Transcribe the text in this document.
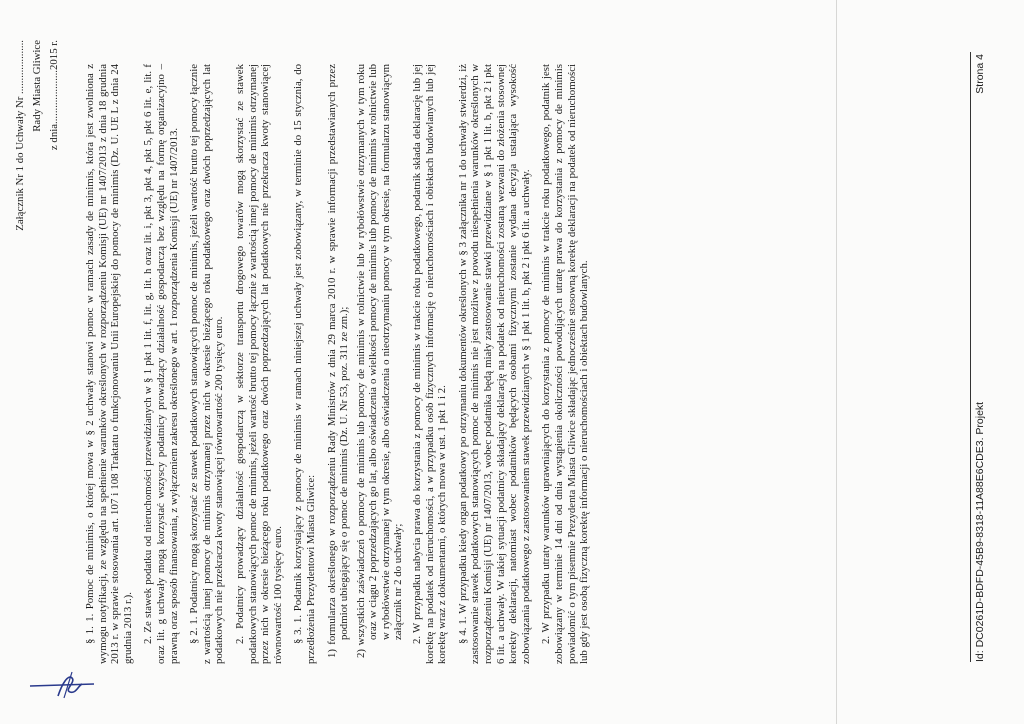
Załącznik Nr 1 do Uchwały Nr .................... Rady Miasta Gliwice z dnia....................2015 r. § 1. 1. Pomoc de minimis, o której mowa w § 2 uchwały stanowi pomoc w ramach zasady de minimis, która jest zwolniona z wymogu notyfikacji, ze względu na spełnienie warunków określonych w rozporządzeniu Komisji (UE) nr 1407/2013 z dnia 18 grudnia 2013 r. w sprawie stosowania art. 107 i 108 Traktatu o funkcjonowaniu Unii Europejskiej do pomocy de minimis (Dz. U. UE L z dnia 24 grudnia 2013 r.). 2. Ze stawek podatku od nieruchomości przewidzianych w § 1 pkt 1 lit. f, lit. g, lit. h oraz lit. i, pkt 3, pkt 4, pkt 5, pkt 6 lit. e, lit. f oraz lit. g uchwały mogą korzystać wszyscy podatnicy prowadzący działalność gospodarczą bez względu na formę organizacyjno – prawną oraz sposób finansowania, z wyłączeniem zakresu określonego w art. 1 rozporządzenia Komisji (UE) nr 1407/2013. § 2. 1. Podatnicy mogą skorzystać ze stawek podatkowych stanowiących pomoc de minimis, jeżeli wartość brutto tej pomocy łącznie z wartością innej pomocy de minimis otrzymanej przez nich w okresie bieżącego roku podatkowego oraz dwóch poprzedzających lat podatkowych nie przekracza kwoty stanowiącej równowartość 200 tysięcy euro. 2. Podatnicy prowadzący działalność gospodarczą w sektorze transportu drogowego towarów mogą skorzystać ze stawek podatkowych stanowiących pomoc de minimis, jeżeli wartość brutto tej pomocy łącznie z wartością innej pomocy de minimis otrzymanej przez nich w okresie bieżącego roku podatkowego oraz dwóch poprzedzających lat podatkowych nie przekracza kwoty stanowiącej równowartość 100 tysięcy euro. § 3. 1. Podatnik korzystający z pomocy de minimis w ramach niniejszej uchwały jest zobowiązany, w terminie do 15 stycznia, do przedłożenia Prezydentowi Miasta Gliwice: 1) formularza określonego w rozporządzeniu Rady Ministrów z dnia 29 marca 2010 r. w sprawie informacji przedstawianych przez podmiot ubiegający się o pomoc de minimis (Dz. U. Nr 53, poz. 311 ze zm.); 2) wszystkich zaświadczeń o pomocy de minimis lub pomocy de minimis w rolnictwie lub w rybołówstwie otrzymanych w tym roku oraz w ciągu 2 poprzedzających go lat, albo oświadczenia o wielkości pomocy de minimis lub pomocy de minimis w rolnictwie lub w rybołówstwie otrzymanej w tym okresie, albo oświadczenia o nieotrzymaniu pomocy w tym okresie, na formularzu stanowiącym załącznik nr 2 do uchwały; 2. W przypadku nabycia prawa do korzystania z pomocy de minimis w trakcie roku podatkowego, podatnik składa deklarację lub jej korektę na podatek od nieruchomości, a w przypadku osób fizycznych informację o nieruchomościach i obiektach budowlanych lub jej korektę wraz z dokumentami, o których mowa w ust. 1 pkt 1 i 2. § 4. 1. W przypadku kiedy organ podatkowy po otrzymaniu dokumentów określonych w § 3 załącznika nr 1 do uchwały stwierdzi, iż zastosowanie stawek podatkowych stanowiących pomoc de minimis nie jest możliwe z powodu niespełnienia warunków określonych w rozporządzeniu Komisji (UE) nr 1407/2013, wobec podatnika będą miały zastosowanie stawki przewidziane w § 1 pkt 1 lit. b, pkt 2 i pkt 6 lit. a uchwały. W takiej sytuacji podatnicy składający deklarację na podatek od nieruchomości zostaną wezwani do złożenia stosownej korekty deklaracji, natomiast wobec podatników będących osobami fizycznymi zostanie wydana decyzja ustalająca wysokość zobowiązania podatkowego z zastosowaniem stawek przewidzianych w § 1 pkt 1 lit. b, pkt 2 i pkt 6 lit. a uchwały. 2. W przypadku utraty warunków uprawniających do korzystania z pomocy de minimis w trakcie roku podatkowego, podatnik jest zobowiązany w terminie 14 dni od dnia wystąpienia okoliczności powodujących utratę prawa do korzystania z pomocy de minimis powiadomić o tym pisemnie Prezydenta Miasta Gliwice składając jednocześnie stosowną korektę deklaracji na podatek od nieruchomości lub gdy jest osobą fizyczną korektę informacji o nieruchomościach i obiektach budowlanych.	Id: DC0261D-BDFD-45B9-8318-11A88E6CDE3. Projekt
Strona 4
